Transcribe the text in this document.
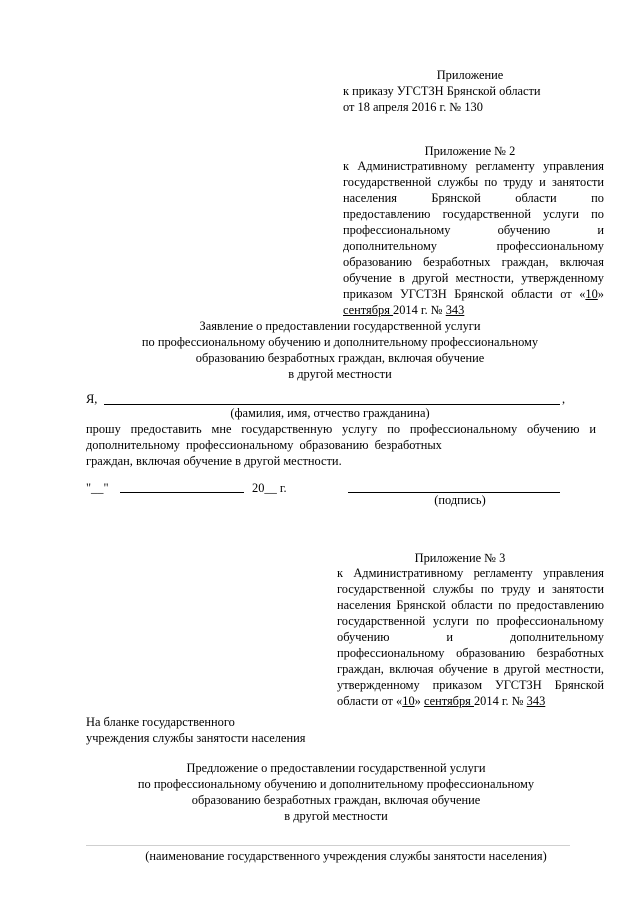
Приложение
к приказу УГСТЗН Брянской области
от 18 апреля 2016 г. № 130
Приложение № 2
к Административному регламенту управления
государственной службы по труду и занятости
населения Брянской области по
предоставлению государственной услуги по
профессиональному обучению и
дополнительному профессиональному
образованию безработных граждан, включая
обучение в другой местности, утвержденному
приказом УГСТЗН Брянской области от «10»
сентября 2014 г. № 343
Заявление о предоставлении государственной услуги
по профессиональному обучению и дополнительному профессиональному
образованию безработных граждан, включая обучение
в другой местности
Я,	,
(фамилия, имя, отчество гражданина)
прошу предоставить мне государственную услугу по профессиональному обучению и
дополнительному профессиональному образованию безработных
граждан, включая обучение в другой местности.
"__"	20__ г.
(подпись)
Приложение № 3
к Административному регламенту управления
государственной службы по труду и занятости
населения Брянской области по предоставлению
государственной услуги по профессиональному
обучению и дополнительному
профессиональному образованию безработных
граждан, включая обучение в другой местности,
утвержденному приказом УГСТЗН Брянской
области от «10» сентября 2014 г. № 343
На бланке государственного
учреждения службы занятости населения
Предложение о предоставлении государственной услуги
по профессиональному обучению и дополнительному профессиональному
образованию безработных граждан, включая обучение
в другой местности
(наименование государственного учреждения службы занятости населения)
